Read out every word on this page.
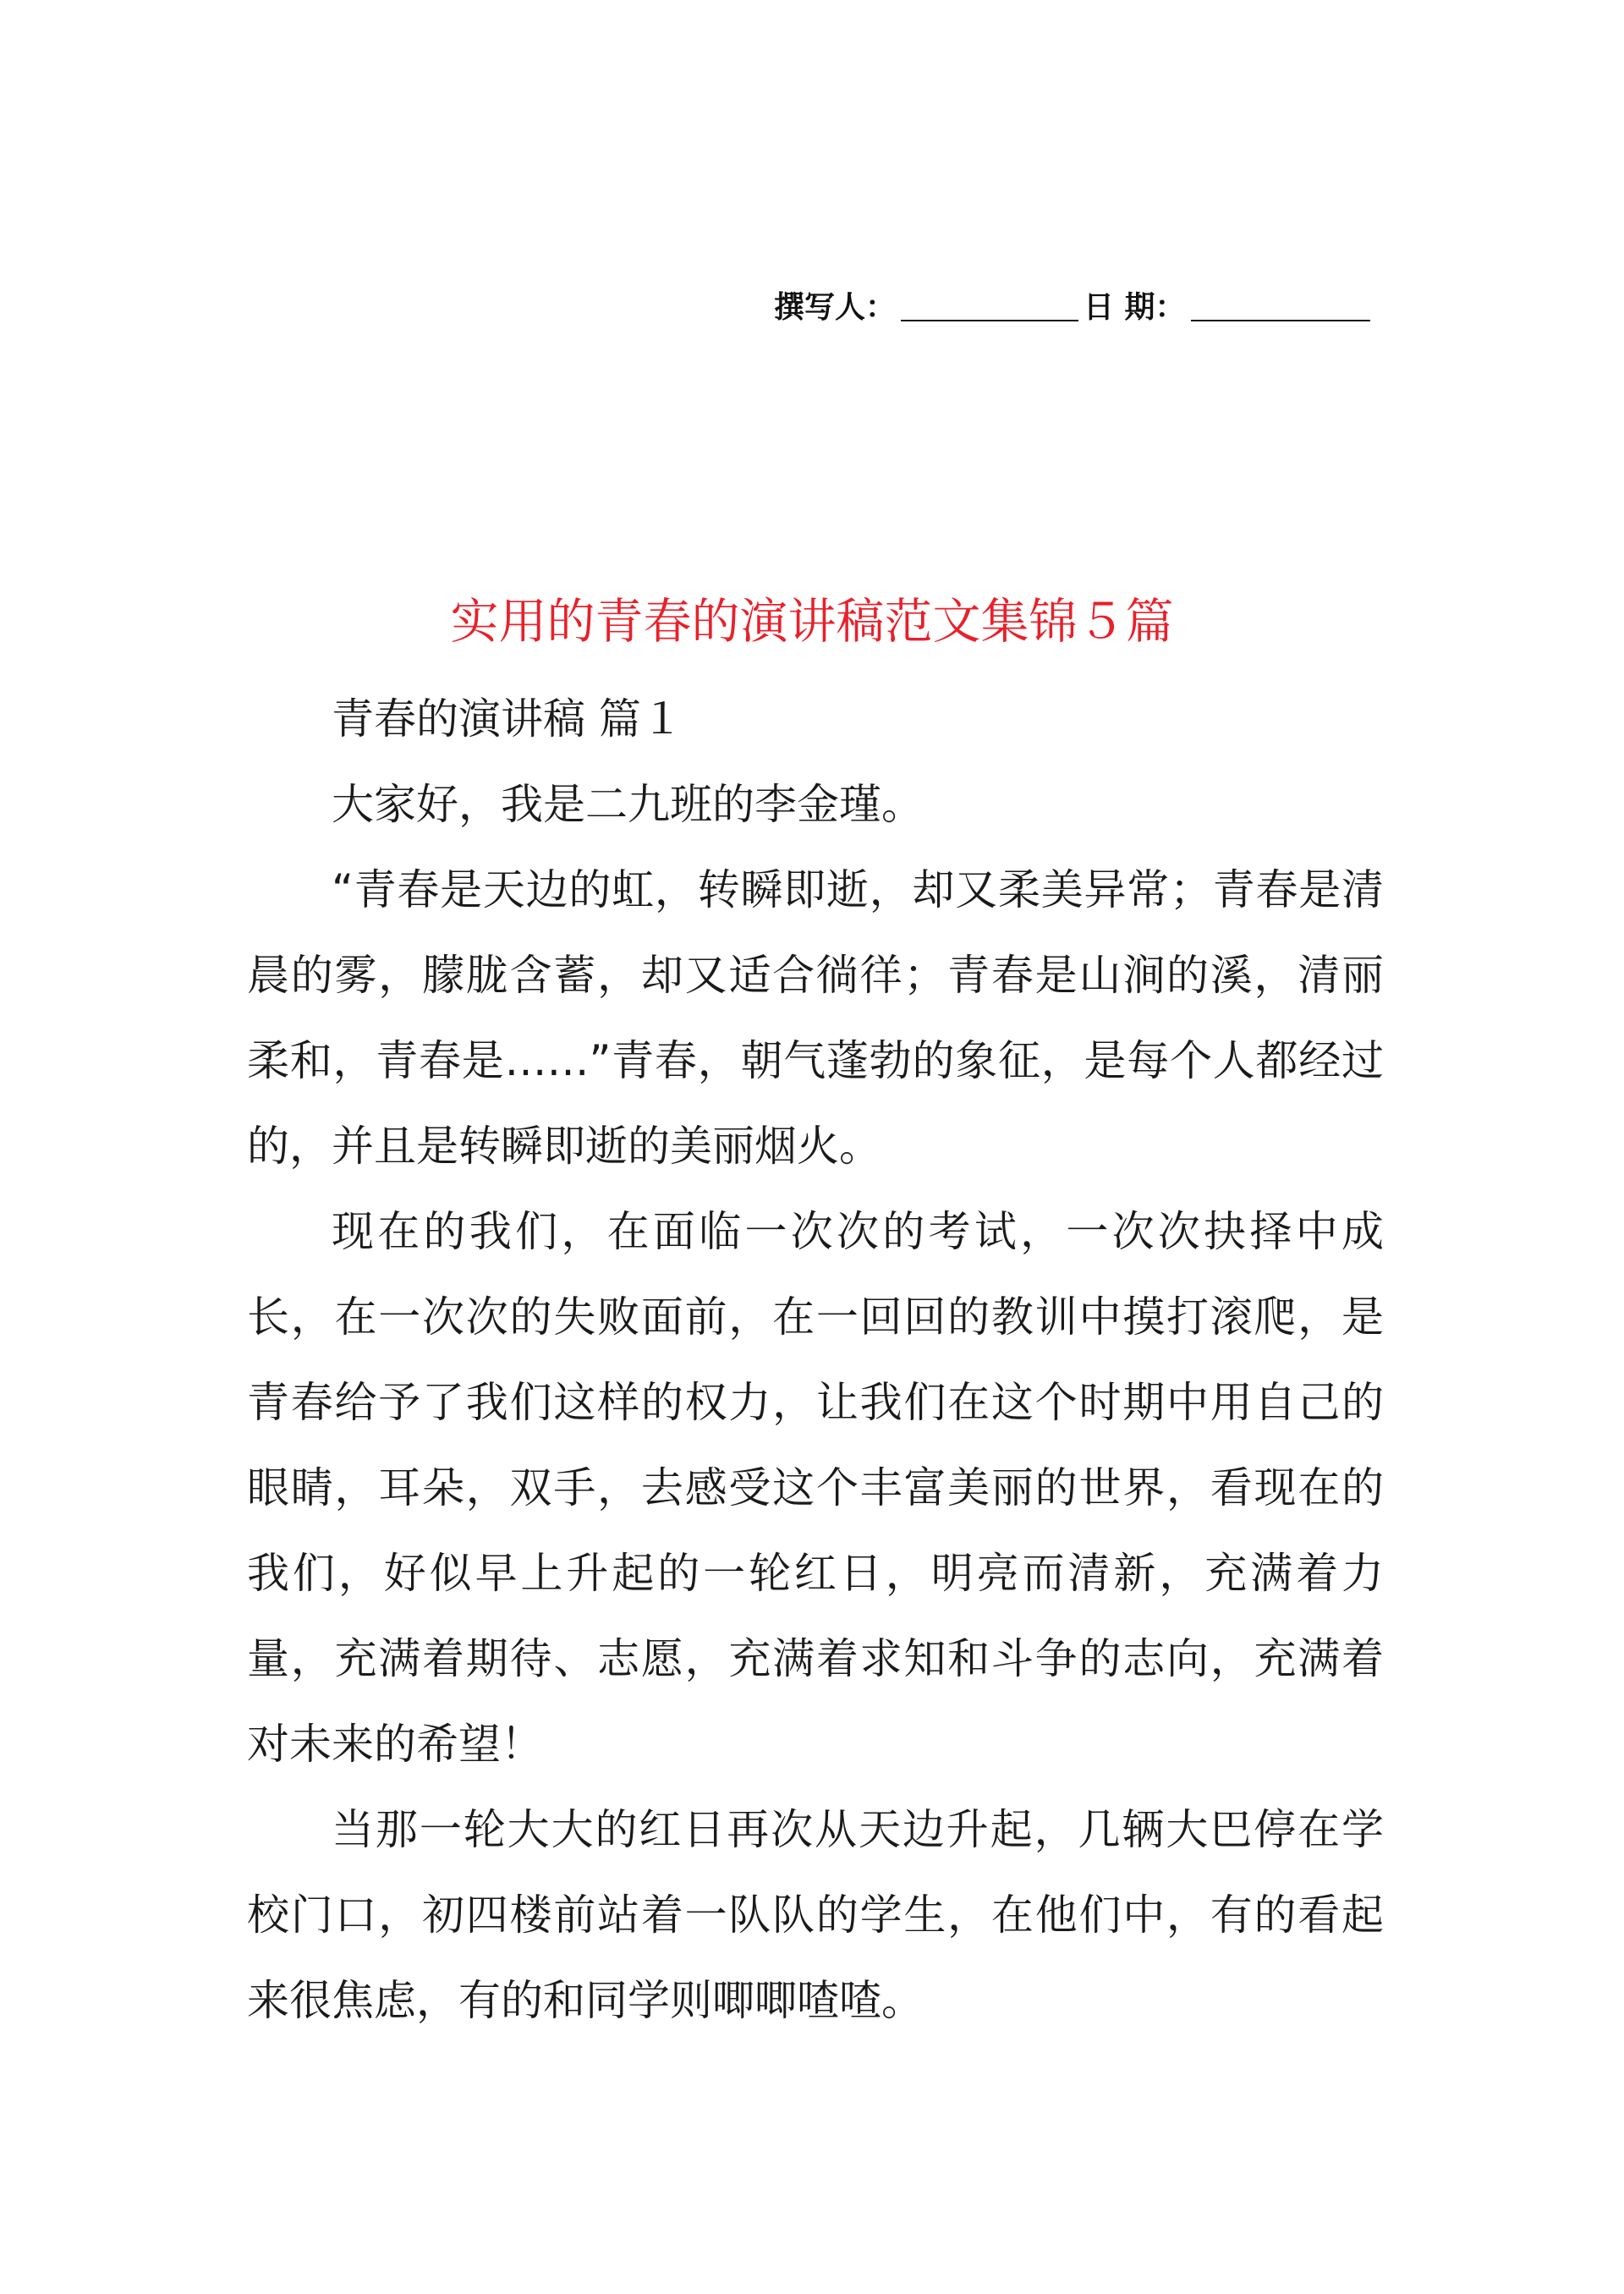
撰写人：	日 期：
实用的青春的演讲稿范文集锦５篇

青春的演讲稿 篇１

大家好，我是二九班的李金瑾。

“青春是天边的虹，转瞬即逝，却又柔美异常；青春是清晨的雾，朦胧含蓄，却又适合徜徉；青春是山涧的溪，清丽柔和，青春是……”青春，朝气蓬勃的象征，是每个人都经过的，并且是转瞬即逝的美丽烟火。

现在的我们，在面临一次次的考试，一次次抉择中成长，在一次次的失败面前，在一回回的教训中摸打滚爬，是青春给予了我们这样的权力，让我们在这个时期中用自己的眼睛，耳朵，双手，去感受这个丰富美丽的世界，看现在的我们，好似早上升起的一轮红日，明亮而清新，充满着力量，充满着期待、志愿，充满着求知和斗争的志向，充满着对未来的希望！

当那一轮大大的红日再次从天边升起，几辆大巴停在学校门口，初四楼前站着一队队的学生，在他们中，有的看起来很焦虑，有的和同学则唧唧喳喳。
